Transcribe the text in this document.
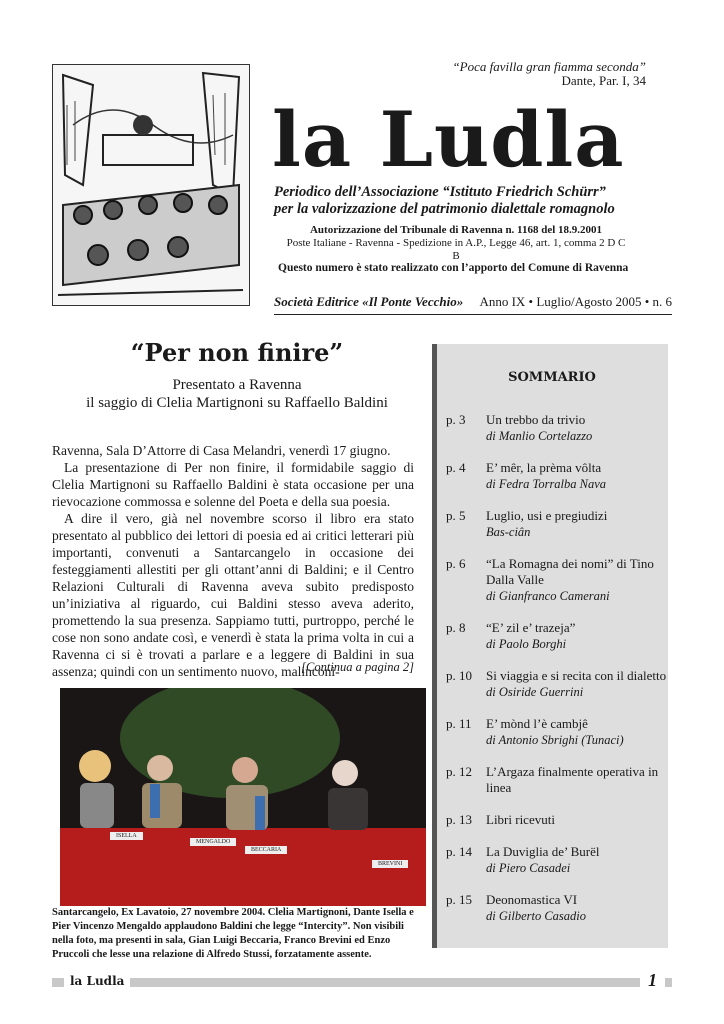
“Poca favilla gran fiamma seconda”
Dante, Par. I, 34
la Ludla
Periodico dell’Associazione “Istituto Friedrich Schürr”
per la valorizzazione del patrimonio dialettale romagnolo
Autorizzazione del Tribunale di Ravenna n. 1168 del 18.9.2001
Poste Italiane - Ravenna - Spedizione in A.P., Legge 46, art. 1, comma 2 D C B
Questo numero è stato realizzato con l’apporto del Comune di Ravenna
Società Editrice «Il Ponte Vecchio» Anno IX • Luglio/Agosto 2005 • n. 6
“Per non finire”
Presentato a Ravenna
il saggio di Clelia Martignoni su Raffaello Baldini

Ravenna, Sala D’Attorre di Casa Melandri, venerdì 17 giugno.

La presentazione di Per non finire, il formidabile saggio di Clelia Martignoni su Raffaello Baldini è stata occasione per una rievocazione commossa e solenne del Poeta e della sua poesia.

A dire il vero, già nel novembre scorso il libro era stato presentato al pubblico dei lettori di poesia ed ai critici letterari più importanti, convenuti a Santarcangelo in occasione dei festeggiamenti allestiti per gli ottant’anni di Baldini; e il Centro Relazioni Culturali di Ravenna aveva subito predisposto un’iniziativa al riguardo, cui Baldini stesso aveva aderito, promettendo la sua presenza. Sappiamo tutti, purtroppo, perché le cose non sono andate così, e venerdì è stata la prima volta in cui a Ravenna ci si è trovati a parlare e a leggere di Baldini in sua assenza; quindi con un sentimento nuovo, malinconi-

[Continua a pagina 2]
ISELLA
MENGALDO
BECCARIA
BREVINI
Santarcangelo, Ex Lavatoio, 27 novembre 2004. Clelia Martignoni, Dante Isella e Pier Vincenzo Mengaldo applaudono Baldini che legge “Intercity”. Non visibili nella foto, ma presenti in sala, Gian Luigi Beccaria, Franco Brevini ed Enzo Pruccoli che lesse una relazione di Alfredo Stussi, forzatamente assente.
SOMMARIO
p. 3	Un trebbo da trivio
di Manlio Cortelazzo
p. 4	E’ mêr, la prèma vôlta
di Fedra Torralba Nava
p. 5	Luglio, usi e pregiudizi
Bas-ciân
p. 6	“La Romagna dei nomi” di Tino Dalla Valle
di Gianfranco Camerani
p. 8	“E’ zil e’ trazeja”
di Paolo Borghi
p. 10	Si viaggia e si recita con il dialetto
di Osiride Guerrini
p. 11	E’ mònd l’è cambjê
di Antonio Sbrighi (Tunaci)
p. 12	L’Argaza finalmente operativa in linea
p. 13	Libri ricevuti
p. 14	La Duviglia de’ Burël
di Piero Casadei
p. 15	Deonomastica VI
di Gilberto Casadio
la Ludla	1
